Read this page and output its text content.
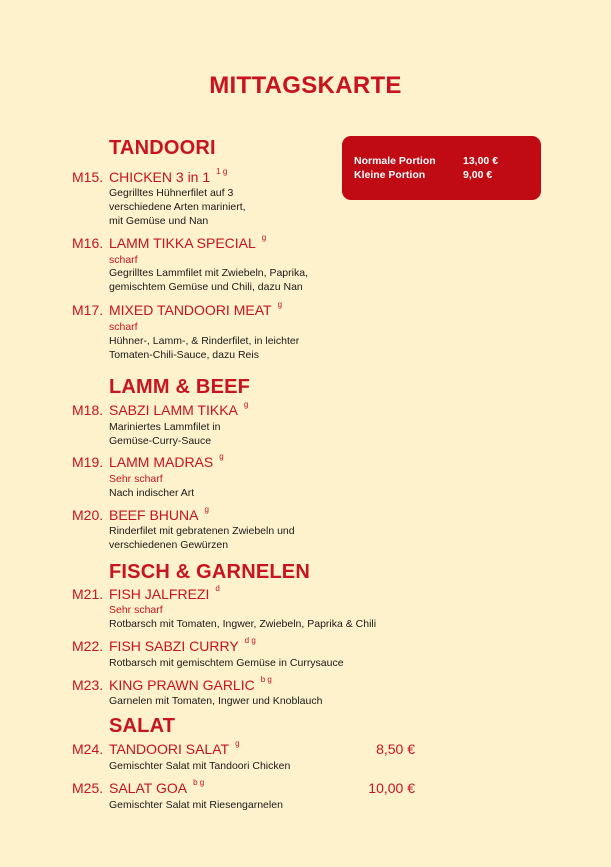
MITTAGSKARTE
Normale Portion	13,00 €
Kleine Portion	9,00 €
TANDOORI
M15. CHICKEN 3 in 1 $^{1 g}$
Gegrilltes Hühnerfilet auf 3
verschiedene Arten mariniert,
mit Gemüse und Nan
M16. LAMM TIKKA SPECIAL $^g$
scharf
Gegrilltes Lammfilet mit Zwiebeln, Paprika,
gemischtem Gemüse und Chili, dazu Nan
M17. MIXED TANDOORI MEAT $^g$
scharf
Hühner-, Lamm-, & Rinderfilet, in leichter
Tomaten-Chili-Sauce, dazu Reis
LAMM & BEEF
M18. SABZI LAMM TIKKA $^g$
Mariniertes Lammfilet in
Gemüse-Curry-Sauce
M19. LAMM MADRAS $^g$
Sehr scharf
Nach indischer Art
M20. BEEF BHUNA $^g$
Rinderfilet mit gebratenen Zwiebeln und
verschiedenen Gewürzen
FISCH & GARNELEN
M21. FISH JALFREZI $^d$
Sehr scharf
Rotbarsch mit Tomaten, Ingwer, Zwiebeln, Paprika & Chili
M22. FISH SABZI CURRY $^{d g}$
Rotbarsch mit gemischtem Gemüse in Currysauce
M23. KING PRAWN GARLIC $^{b g}$
Garnelen mit Tomaten, Ingwer und Knoblauch
SALAT
M24. TANDOORI SALAT $^g$	8,50 €
Gemischter Salat mit Tandoori Chicken
M25. SALAT GOA $^{b g}$	10,00 €
Gemischter Salat mit Riesengarnelen
